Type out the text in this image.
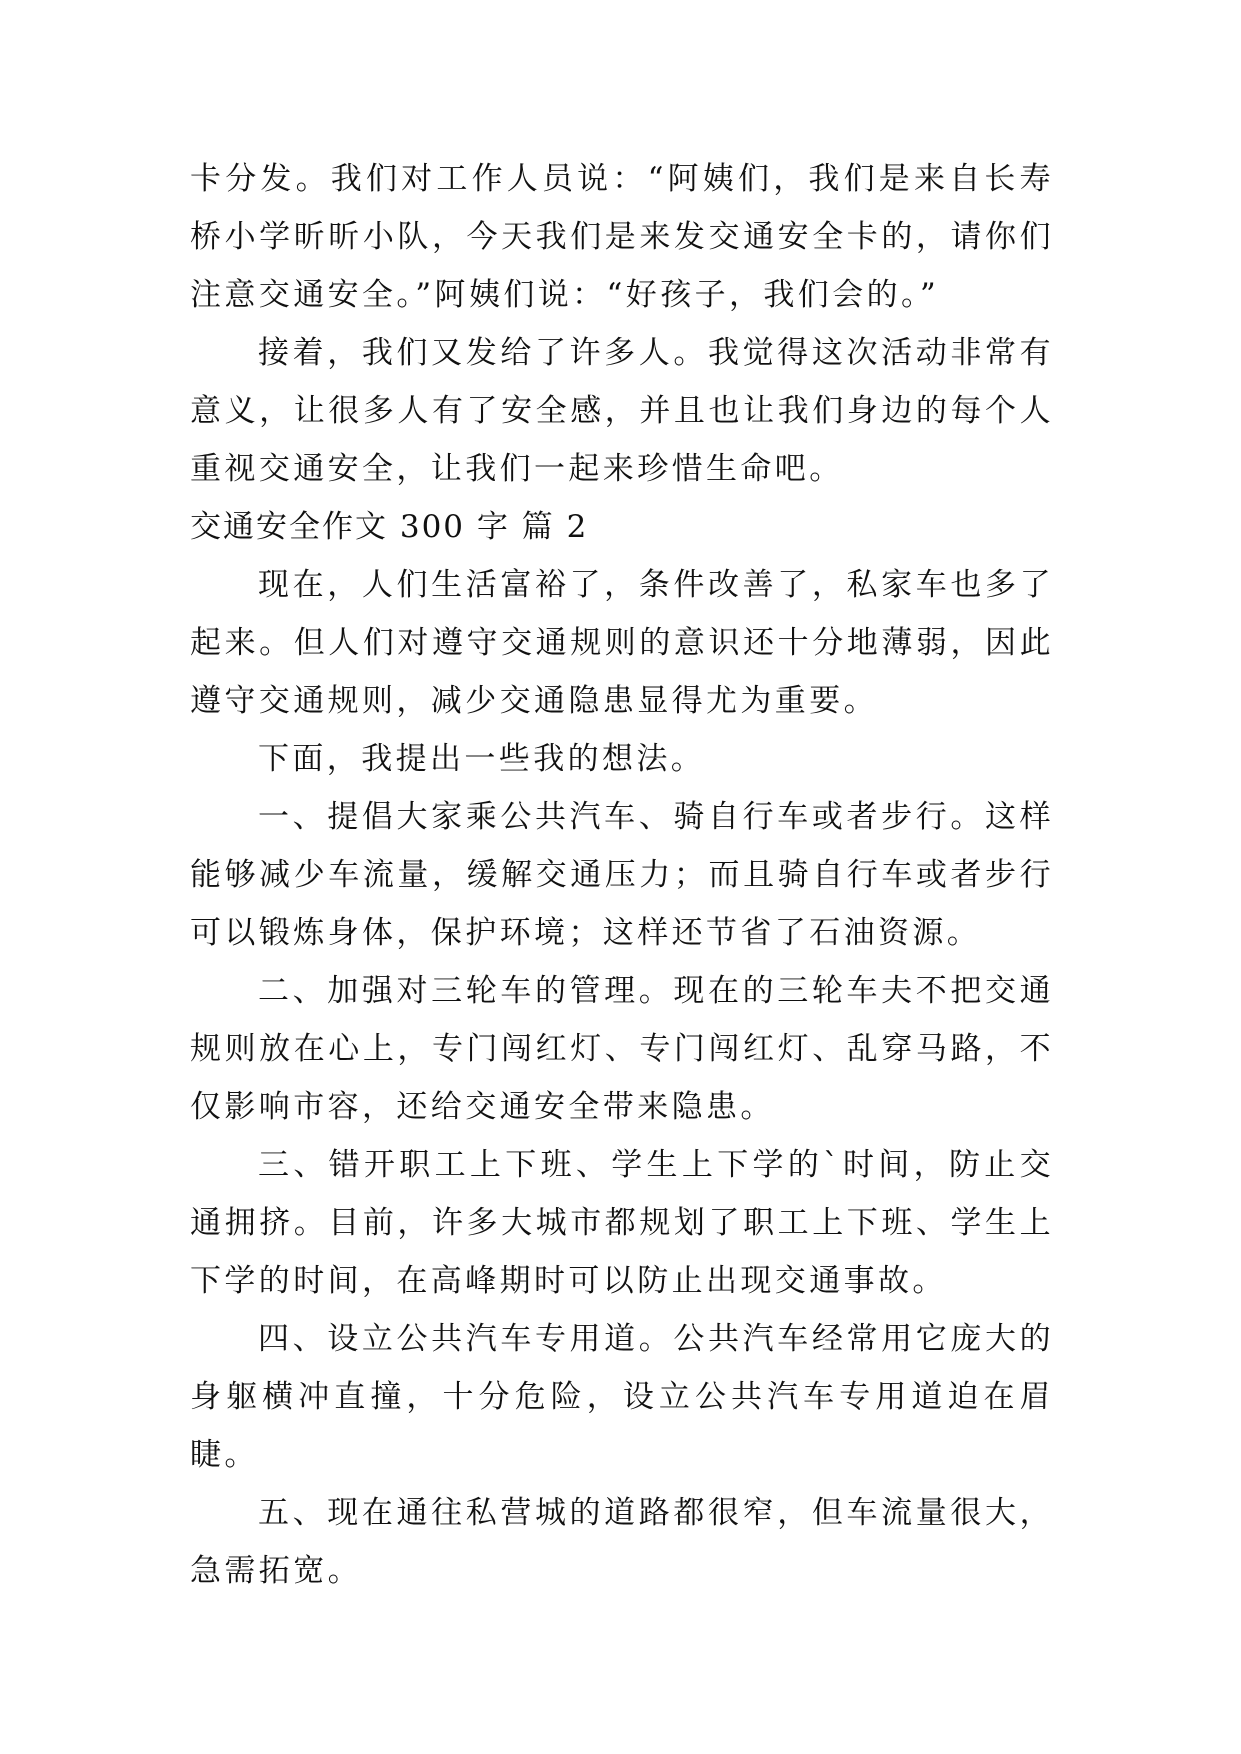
卡分发。我们对工作人员说：“阿姨们，我们是来自长寿桥小学昕昕小队，今天我们是来发交通安全卡的，请你们注意交通安全。”阿姨们说：“好孩子，我们会的。”

接着，我们又发给了许多人。我觉得这次活动非常有意义，让很多人有了安全感，并且也让我们身边的每个人重视交通安全，让我们一起来珍惜生命吧。

交通安全作文 300 字 篇 2

现在，人们生活富裕了，条件改善了，私家车也多了起来。但人们对遵守交通规则的意识还十分地薄弱，因此遵守交通规则，减少交通隐患显得尤为重要。

下面，我提出一些我的想法。

一、提倡大家乘公共汽车、骑自行车或者步行。这样能够减少车流量，缓解交通压力；而且骑自行车或者步行可以锻炼身体，保护环境；这样还节省了石油资源。

二、加强对三轮车的管理。现在的三轮车夫不把交通规则放在心上，专门闯红灯、专门闯红灯、乱穿马路，不仅影响市容，还给交通安全带来隐患。

三、错开职工上下班、学生上下学的`时间，防止交通拥挤。目前，许多大城市都规划了职工上下班、学生上下学的时间，在高峰期时可以防止出现交通事故。

四、设立公共汽车专用道。公共汽车经常用它庞大的身躯横冲直撞，十分危险，设立公共汽车专用道迫在眉睫。

五、现在通往私营城的道路都很窄，但车流量很大，急需拓宽。
